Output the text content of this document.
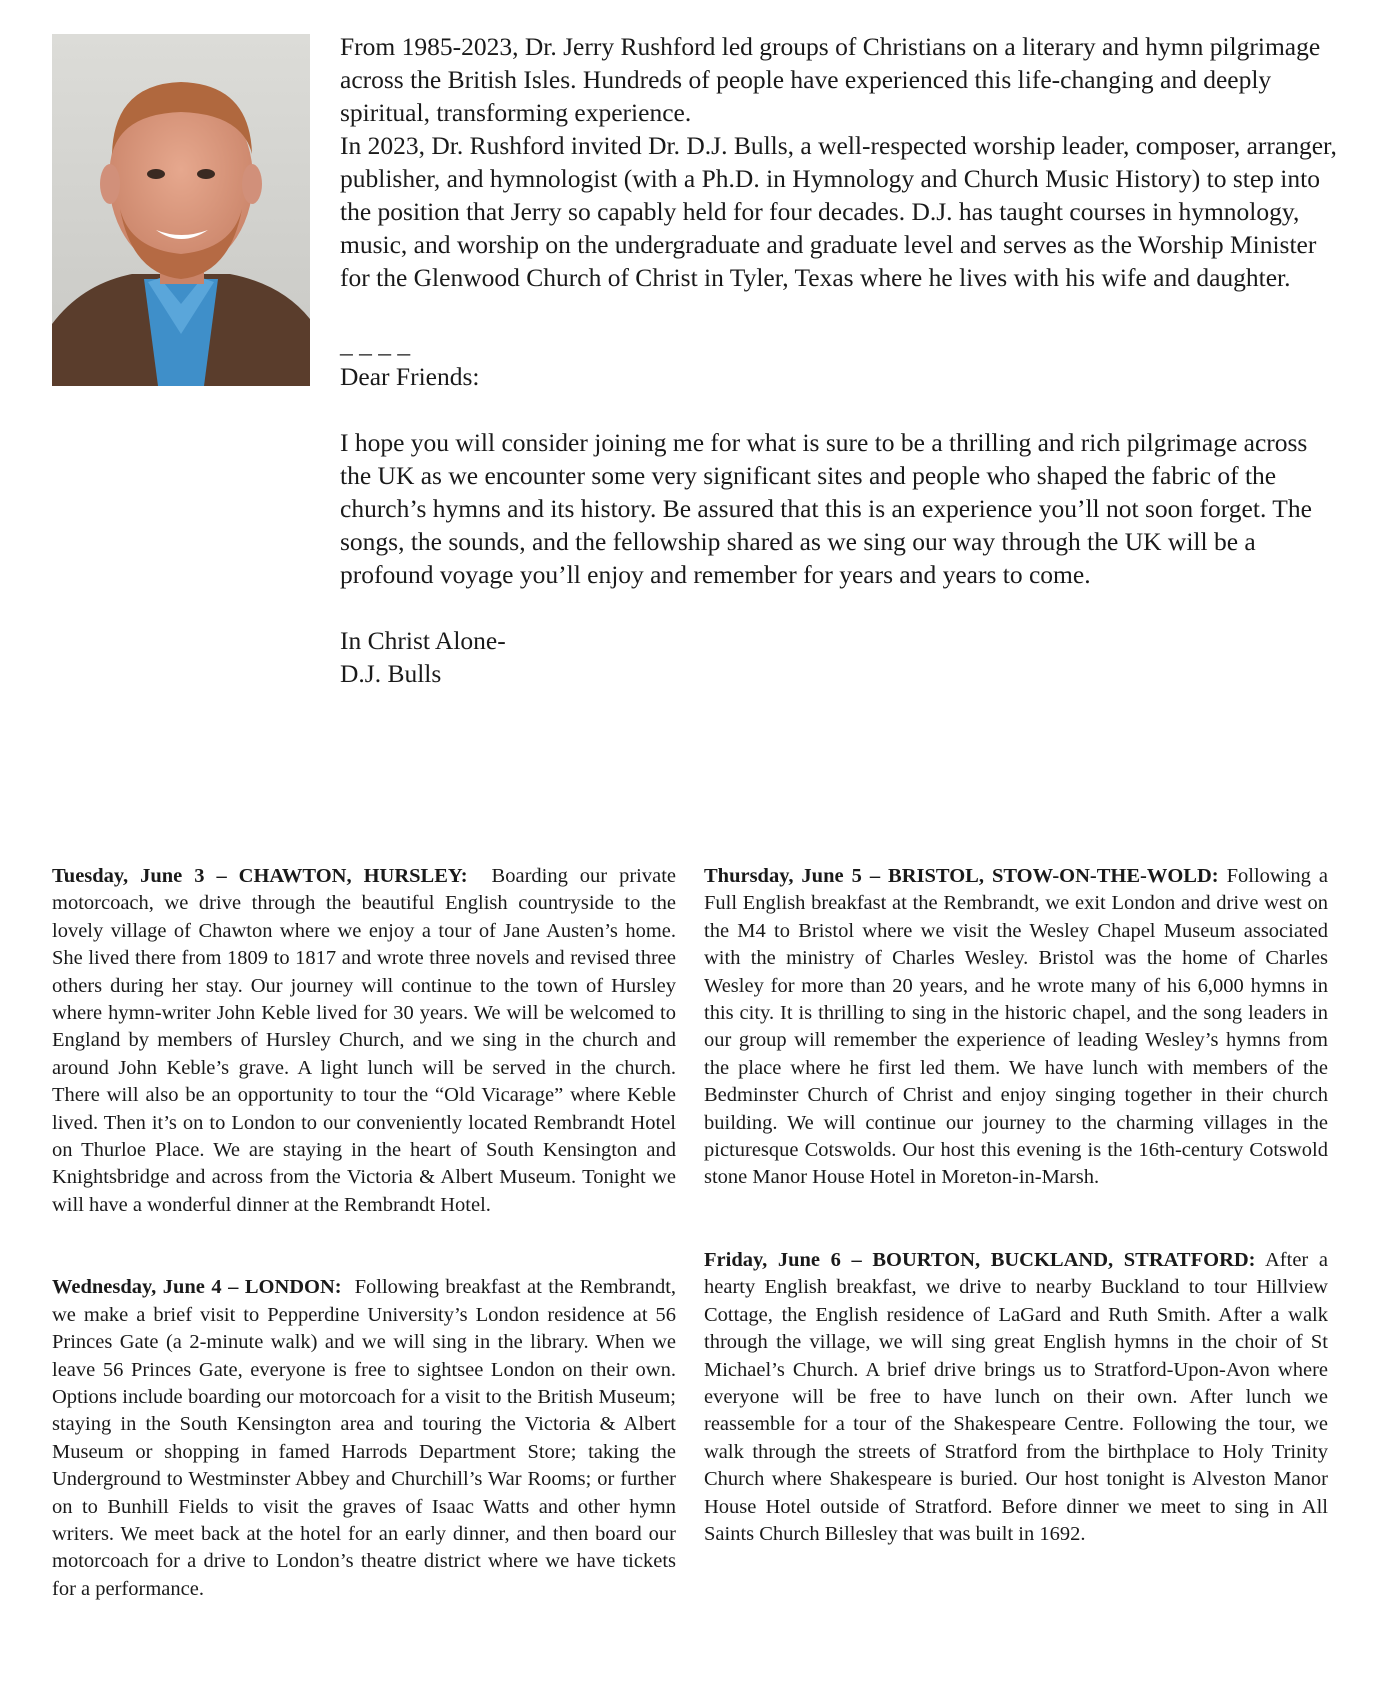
From 1985-2023, Dr. Jerry Rushford led groups of Christians on a literary and hymn pilgrimage across the British Isles. Hundreds of people have experienced this life-changing and deeply spiritual, transforming experience.

In 2023, Dr. Rushford invited Dr. D.J. Bulls, a well-respected worship leader, composer, arranger, publisher, and hymnologist (with a Ph.D. in Hymnology and Church Music History) to step into the position that Jerry so capably held for four decades. D.J. has taught courses in hymnology, music, and worship on the undergraduate and graduate level and serves as the Worship Minister for the Glenwood Church of Christ in Tyler, Texas where he lives with his wife and daughter.

_ _ _ _

Dear Friends:

I hope you will consider joining me for what is sure to be a thrilling and rich pilgrimage across the UK as we encounter some very significant sites and people who shaped the fabric of the church’s hymns and its history. Be assured that this is an experience you’ll not soon forget. The songs, the sounds, and the fellowship shared as we sing our way through the UK will be a profound voyage you’ll enjoy and remember for years and years to come.

In Christ Alone-

D.J. Bulls

Tuesday, June 3 – CHAWTON, HURSLEY: Boarding our private motorcoach, we drive through the beautiful English countryside to the lovely village of Chawton where we enjoy a tour of Jane Austen’s home. She lived there from 1809 to 1817 and wrote three novels and revised three others during her stay. Our journey will continue to the town of Hursley where hymn-writer John Keble lived for 30 years. We will be welcomed to England by members of Hursley Church, and we sing in the church and around John Keble’s grave. A light lunch will be served in the church. There will also be an opportunity to tour the “Old Vicarage” where Keble lived. Then it’s on to London to our conveniently located Rembrandt Hotel on Thurloe Place. We are staying in the heart of South Kensington and Knightsbridge and across from the Victoria & Albert Museum. Tonight we will have a wonderful dinner at the Rembrandt Hotel.

Wednesday, June 4 – LONDON: Following breakfast at the Rembrandt, we make a brief visit to Pepperdine University’s London residence at 56 Princes Gate (a 2-minute walk) and we will sing in the library. When we leave 56 Princes Gate, everyone is free to sightsee London on their own. Options include boarding our motorcoach for a visit to the British Museum; staying in the South Kensington area and touring the Victoria & Albert Museum or shopping in famed Harrods Department Store; taking the Underground to Westminster Abbey and Churchill’s War Rooms; or further on to Bunhill Fields to visit the graves of Isaac Watts and other hymn writers. We meet back at the hotel for an early dinner, and then board our motorcoach for a drive to London’s theatre district where we have tickets for a performance.

Thursday, June 5 – BRISTOL, STOW-ON-THE-WOLD: Following a Full English breakfast at the Rembrandt, we exit London and drive west on the M4 to Bristol where we visit the Wesley Chapel Museum associated with the ministry of Charles Wesley. Bristol was the home of Charles Wesley for more than 20 years, and he wrote many of his 6,000 hymns in this city. It is thrilling to sing in the historic chapel, and the song leaders in our group will remember the experience of leading Wesley’s hymns from the place where he first led them. We have lunch with members of the Bedminster Church of Christ and enjoy singing together in their church building. We will continue our journey to the charming villages in the picturesque Cotswolds. Our host this evening is the 16th-century Cotswold stone Manor House Hotel in Moreton-in-Marsh.

Friday, June 6 – BOURTON, BUCKLAND, STRATFORD: After a hearty English breakfast, we drive to nearby Buckland to tour Hillview Cottage, the English residence of LaGard and Ruth Smith. After a walk through the village, we will sing great English hymns in the choir of St Michael’s Church. A brief drive brings us to Stratford-Upon-Avon where everyone will be free to have lunch on their own. After lunch we reassemble for a tour of the Shakespeare Centre. Following the tour, we walk through the streets of Stratford from the birthplace to Holy Trinity Church where Shakespeare is buried. Our host tonight is Alveston Manor House Hotel outside of Stratford. Before dinner we meet to sing in All Saints Church Billesley that was built in 1692.
